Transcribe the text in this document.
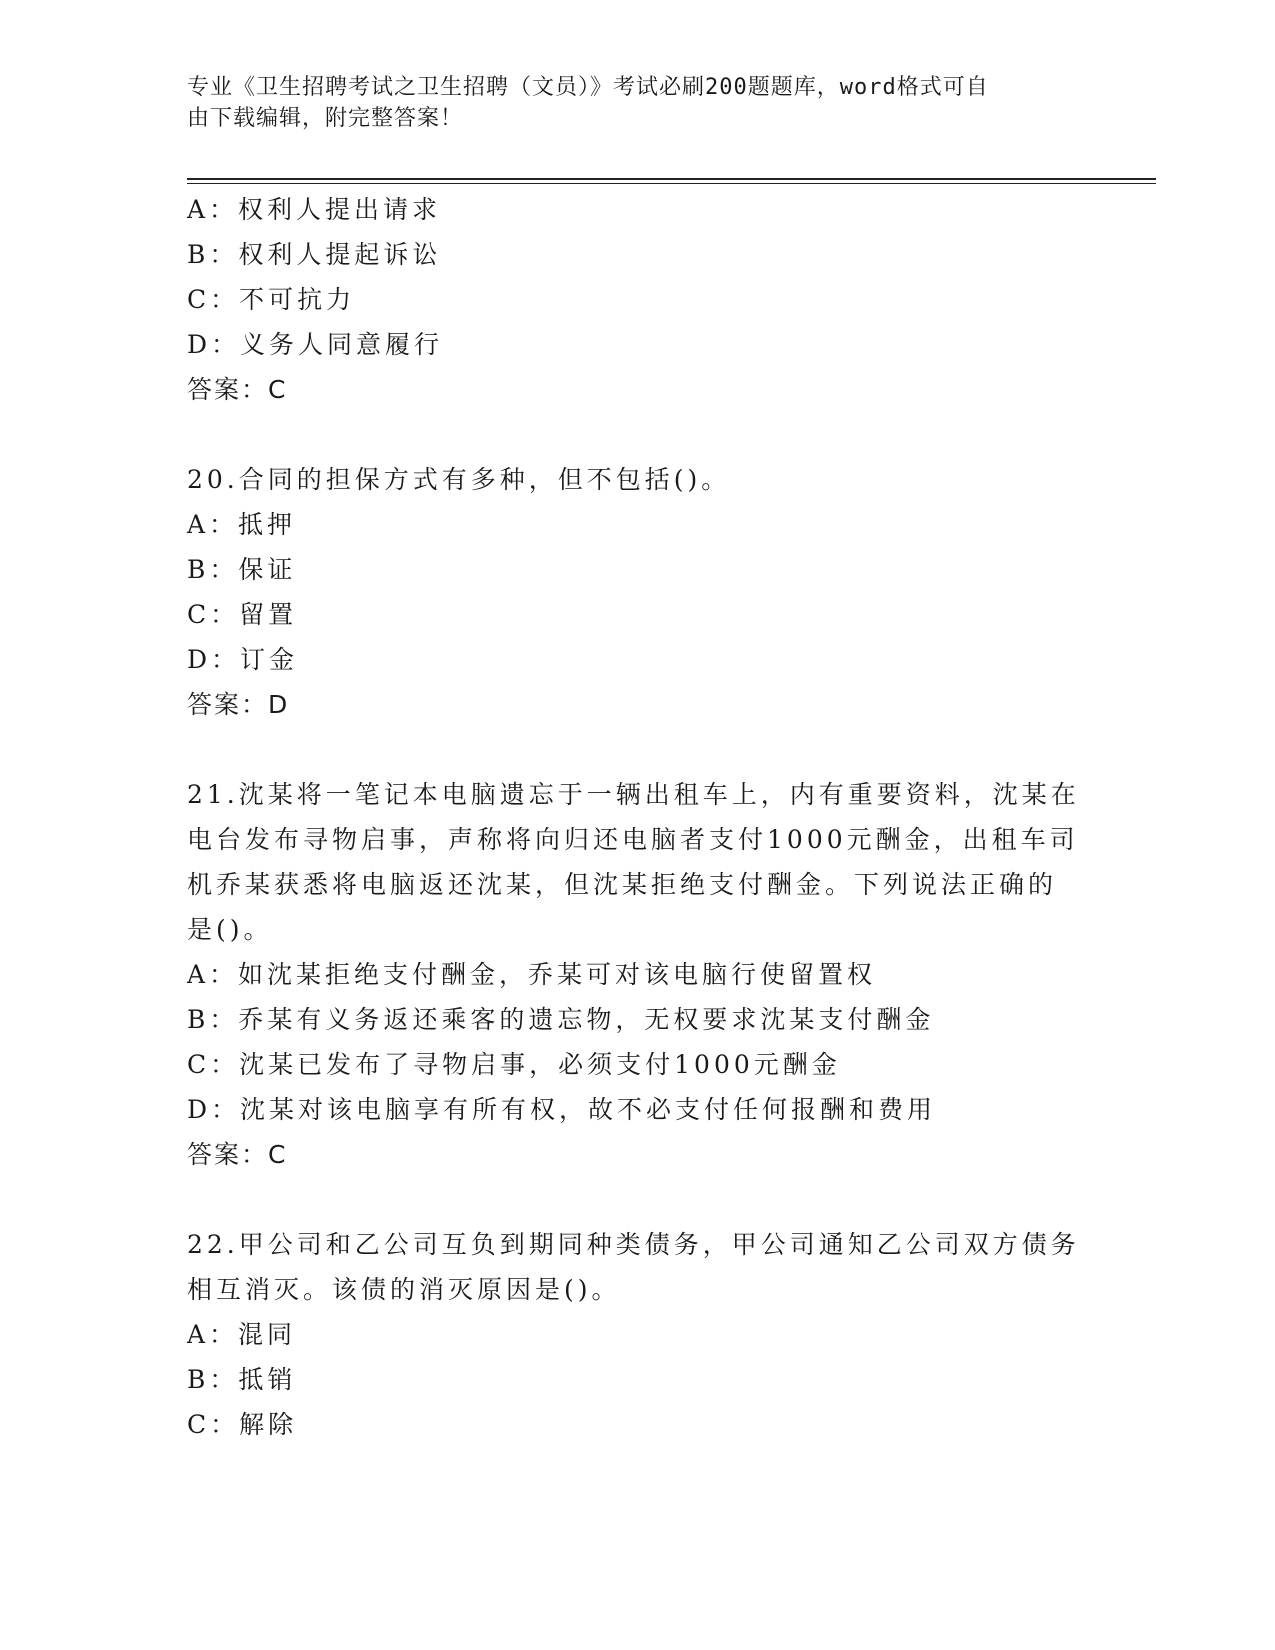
专业《卫生招聘考试之卫生招聘（文员）》考试必刷200题题库，word格式可自
由下载编辑，附完整答案！
A：权利人提出请求
B：权利人提起诉讼
C：不可抗力
D：义务人同意履行
答案：C
20.合同的担保方式有多种，但不包括()。
A：抵押
B：保证
C：留置
D：订金
答案：D
21.沈某将一笔记本电脑遗忘于一辆出租车上，内有重要资料，沈某在
电台发布寻物启事，声称将向归还电脑者支付1000元酬金，出租车司
机乔某获悉将电脑返还沈某，但沈某拒绝支付酬金。下列说法正确的
是()。
A：如沈某拒绝支付酬金，乔某可对该电脑行使留置权
B：乔某有义务返还乘客的遗忘物，无权要求沈某支付酬金
C：沈某已发布了寻物启事，必须支付1000元酬金
D：沈某对该电脑享有所有权，故不必支付任何报酬和费用
答案：C
22.甲公司和乙公司互负到期同种类债务，甲公司通知乙公司双方债务
相互消灭。该债的消灭原因是()。
A：混同
B：抵销
C：解除
